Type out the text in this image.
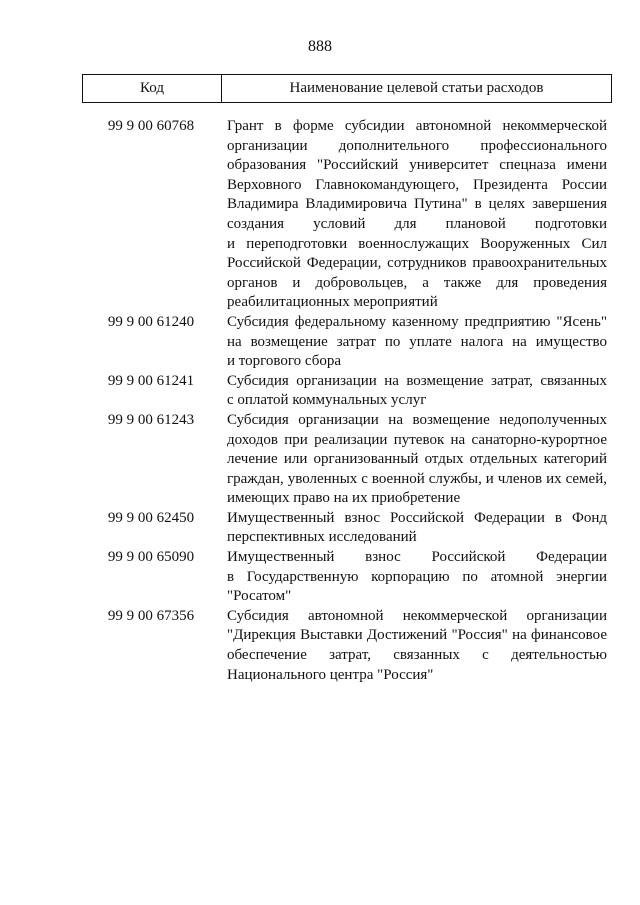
888
Код	Наименование целевой статьи расходов
99 9 00 60768	Грант в форме субсидии автономной некоммерческой
организации дополнительного профессионального
образования "Российский университет спецназа имени
Верховного Главнокомандующего, Президента России
Владимира Владимировича Путина" в целях завершения
создания условий для плановой подготовки
и переподготовки военнослужащих Вооруженных Сил
Российской Федерации, сотрудников правоохранительных
органов и добровольцев, а также для проведения
реабилитационных мероприятий
99 9 00 61240	Субсидия федеральному казенному предприятию "Ясень"
на возмещение затрат по уплате налога на имущество
и торгового сбора
99 9 00 61241	Субсидия организации на возмещение затрат, связанных
с оплатой коммунальных услуг
99 9 00 61243	Субсидия организации на возмещение недополученных
доходов при реализации путевок на санаторно-курортное
лечение или организованный отдых отдельных категорий
граждан, уволенных с военной службы, и членов их семей,
имеющих право на их приобретение
99 9 00 62450	Имущественный взнос Российской Федерации в Фонд
перспективных исследований
99 9 00 65090	Имущественный взнос Российской Федерации
в Государственную корпорацию по атомной энергии
"Росатом"
99 9 00 67356	Субсидия автономной некоммерческой организации
"Дирекция Выставки Достижений "Россия" на финансовое
обеспечение затрат, связанных с деятельностью
Национального центра "Россия"
